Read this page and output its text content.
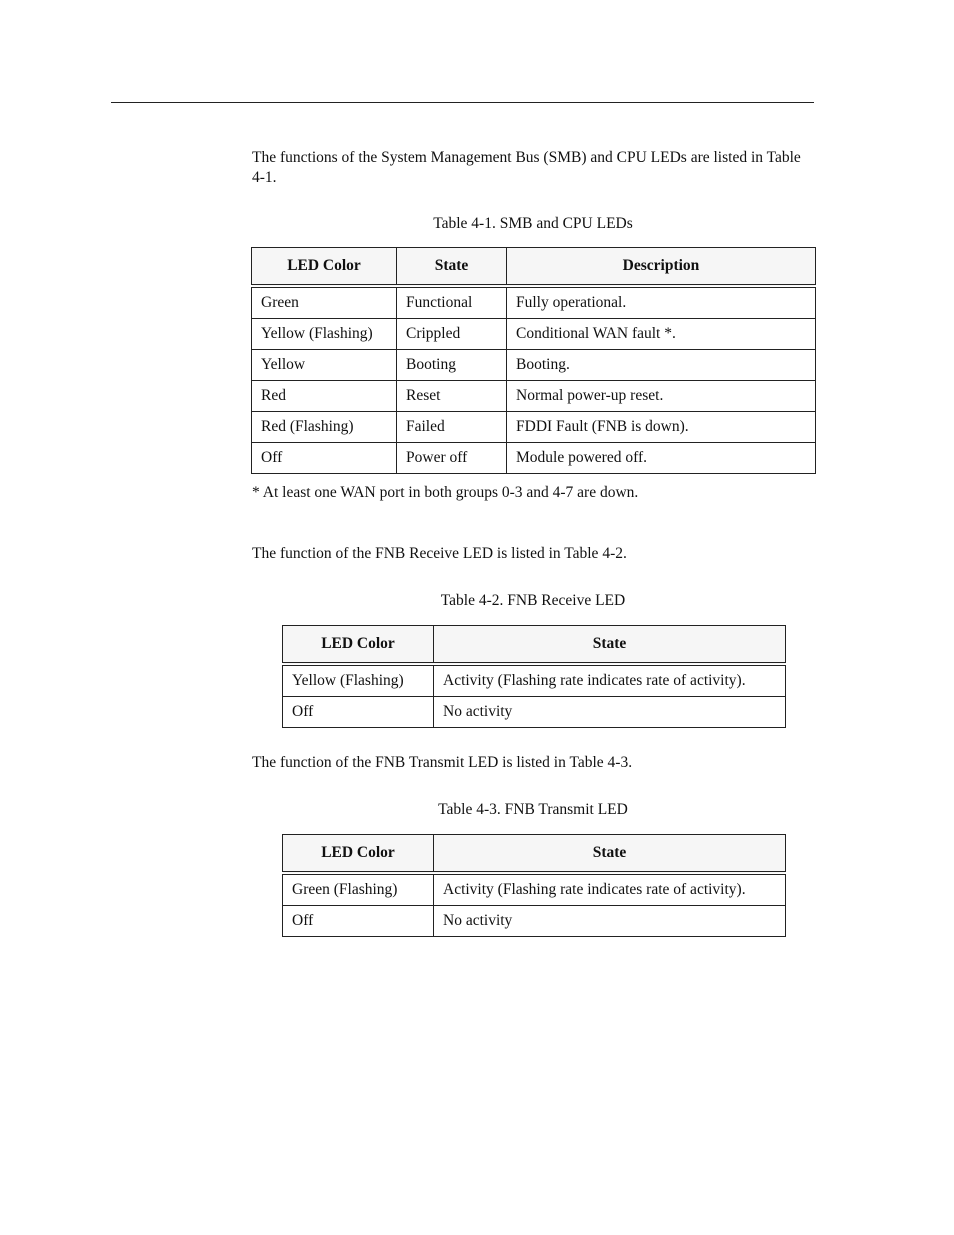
The functions of the System Management Bus (SMB) and CPU LEDs are listed in Table 4-1.

Table 4-1. SMB and CPU LEDs

LED Color	State	Description
Green	Functional	Fully operational.
Yellow (Flashing)	Crippled	Conditional WAN fault *.
Yellow	Booting	Booting.
Red	Reset	Normal power-up reset.
Red (Flashing)	Failed	FDDI Fault (FNB is down).
Off	Power off	Module powered off.

* At least one WAN port in both groups 0-3 and 4-7 are down.

The function of the FNB Receive LED is listed in Table 4-2.

Table 4-2. FNB Receive LED

LED Color	State
Yellow (Flashing)	Activity (Flashing rate indicates rate of activity).
Off	No activity

The function of the FNB Transmit LED is listed in Table 4-3.

Table 4-3. FNB Transmit LED

LED Color	State
Green (Flashing)	Activity (Flashing rate indicates rate of activity).
Off	No activity
